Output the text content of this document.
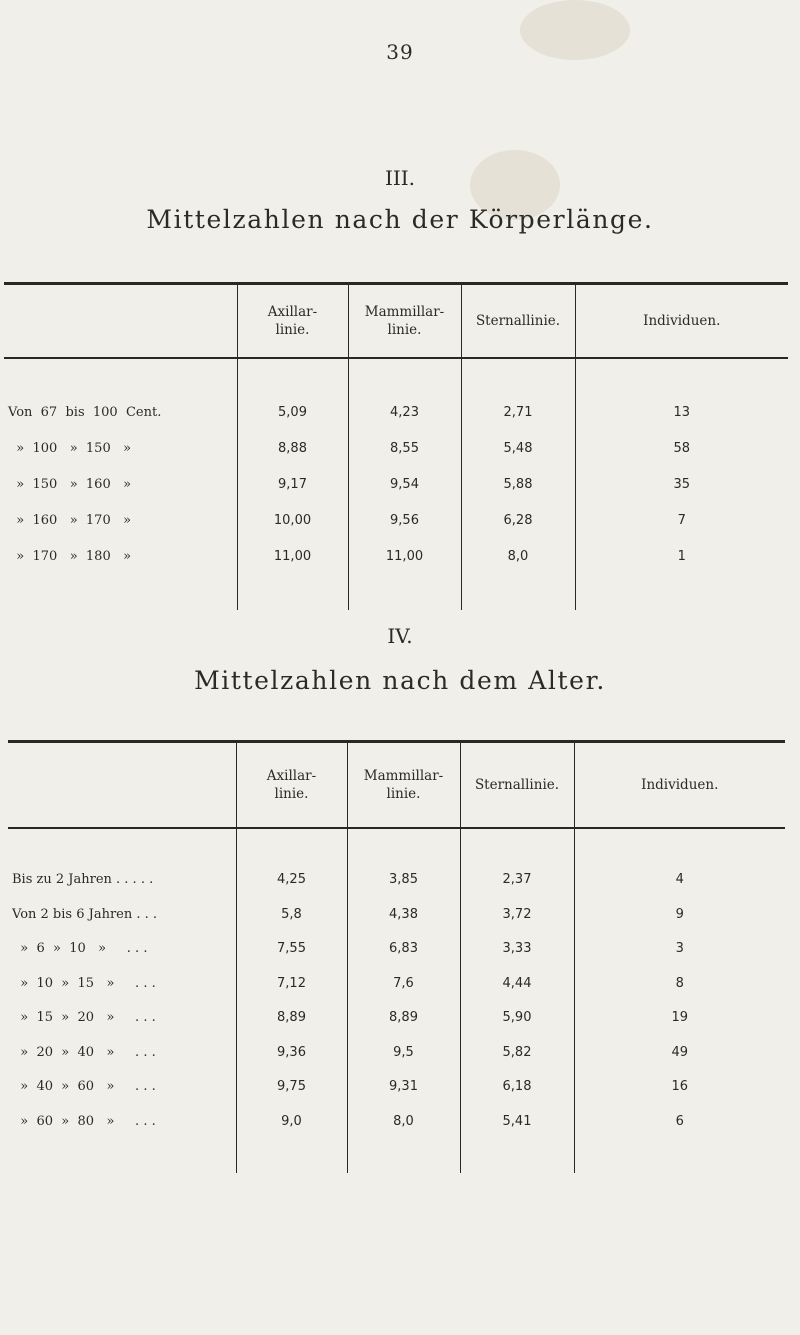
39
III.
Mittelzahlen nach der Körperlänge.
	Axillar-
linie.	Mammillar-
linie.	Sternallinie.	Individuen.

Von  67  bis  100  Cent.	5,09	4,23	2,71	13
»  100   »  150   »	8,88	8,55	5,48	58
»  150   »  160   »	9,17	9,54	5,88	35
»  160   »  170   »	10,00	9,56	6,28	7
»  170   »  180   »	11,00	11,00	8,0	1

IV.
Mittelzahlen nach dem Alter.
	Axillar-
linie.	Mammillar-
linie.	Sternallinie.	Individuen.

Bis zu 2 Jahren . . . . .	4,25	3,85	2,37	4
Von 2 bis 6 Jahren . . .	5,8	4,38	3,72	9
»  6  »  10   »     . . .	7,55	6,83	3,33	3
»  10  »  15   »     . . .	7,12	7,6	4,44	8
»  15  »  20   »     . . .	8,89	8,89	5,90	19
»  20  »  40   »     . . .	9,36	9,5	5,82	49
»  40  »  60   »     . . .	9,75	9,31	6,18	16
»  60  »  80   »     . . .	9,0	8,0	5,41	6
